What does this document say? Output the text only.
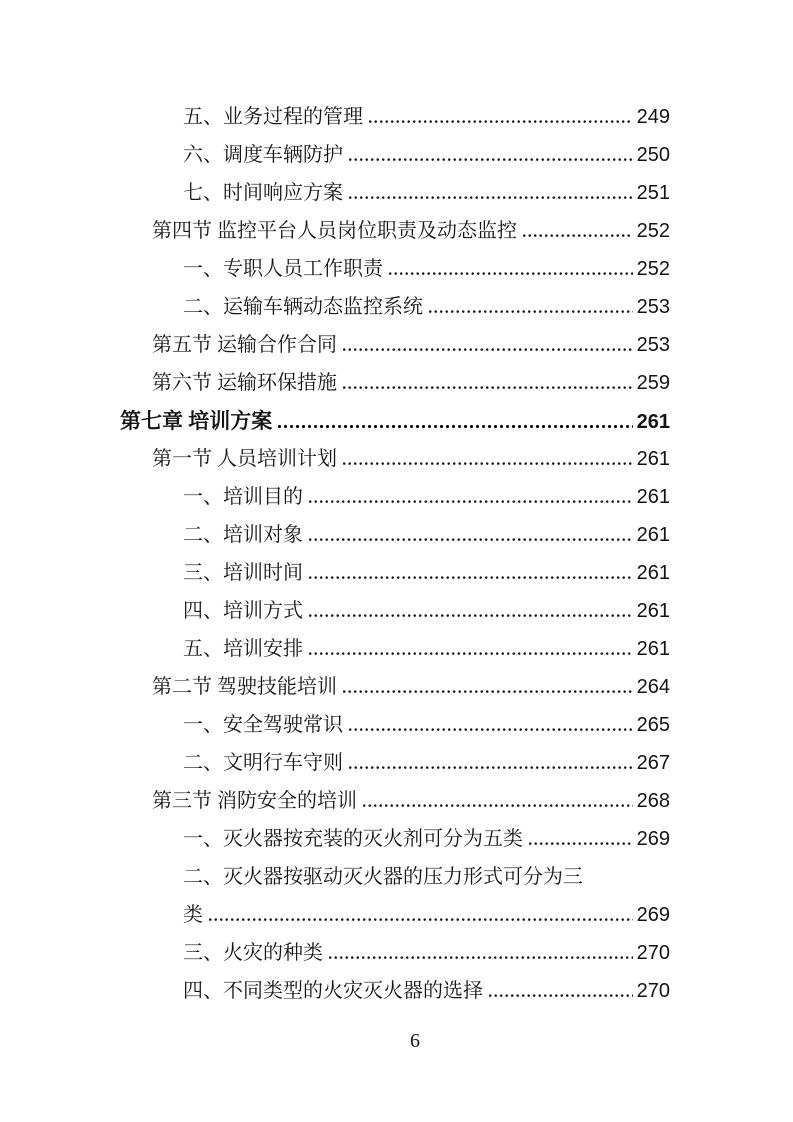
五、业务过程的管理	249
六、调度车辆防护	250
七、时间响应方案	251
第四节 监控平台人员岗位职责及动态监控	252
一、专职人员工作职责	252
二、运输车辆动态监控系统	253
第五节 运输合作合同	253
第六节 运输环保措施	259
第七章 培训方案	261
第一节 人员培训计划	261
一、培训目的	261
二、培训对象	261
三、培训时间	261
四、培训方式	261
五、培训安排	261
第二节 驾驶技能培训	264
一、安全驾驶常识	265
二、文明行车守则	267
第三节 消防安全的培训	268
一、灭火器按充装的灭火剂可分为五类	269
二、灭火器按驱动灭火器的压力形式可分为三
类	269
三、火灾的种类	270
四、不同类型的火灾灭火器的选择	270
6
